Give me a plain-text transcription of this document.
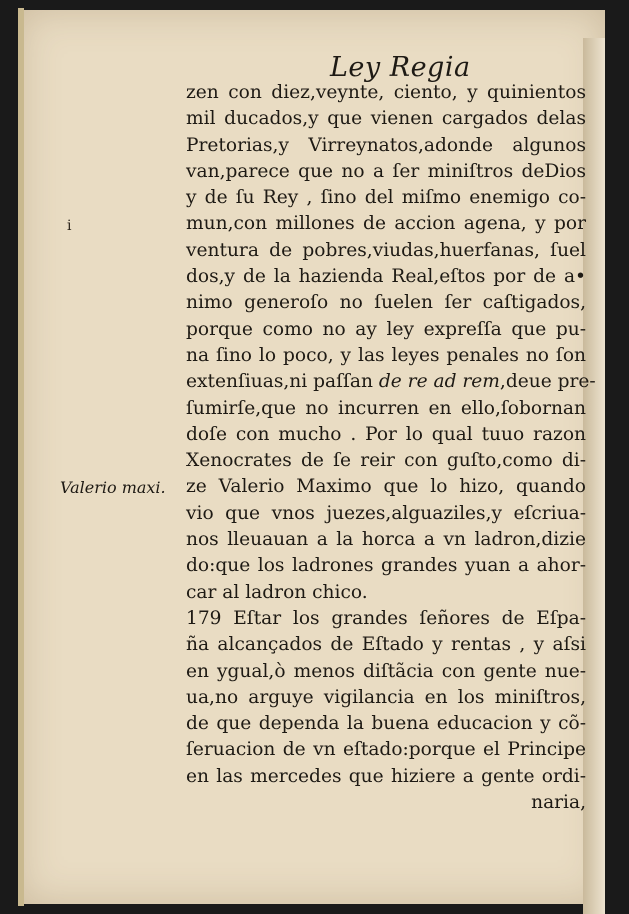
Ley Regia
i
Valerio maxi.
zen con diez,veynte, ciento, y quinientos
mil ducados,y que vienen cargados delas
Pretorias,y Virreynatos,adonde algunos
van,parece que no a ſer miniſtros deDios
y de ſu Rey , ſino del miſmo enemigo co-
mun,con millones de accion agena, y por
ventura de pobres,viudas,huerfanas, ſuel
dos,y de la hazienda Real,eſtos por de a•
nimo generoſo no ſuelen ſer caſtigados,
porque como no ay ley expreſſa que pu-
na ſino lo poco, y las leyes penales no ſon
extenſiuas,ni paſſan de re ad rem,deue pre-
ſumirſe,que no incurren en ello,ſobornan
doſe con mucho . Por lo qual tuuo razon
Xenocrates de ſe reir con guſto,como di-
ze Valerio Maximo que lo hizo, quando
vio que vnos juezes,alguaziles,y eſcriua-
nos lleuauan a la horca a vn ladron,dizie
do:que los ladrones grandes yuan a ahor-
car al ladron chico.
179 Eſtar los grandes ſeñores de Eſpa-
ña alcançados de Eſtado y rentas , y aſsi
en ygual,ò menos diſtãcia con gente nue-
ua,no arguye vigilancia en los miniſtros,
de que dependa la buena educacion y cõ-
ſeruacion de vn eſtado:porque el Principe
en las mercedes que hiziere a gente ordi-
naria,
